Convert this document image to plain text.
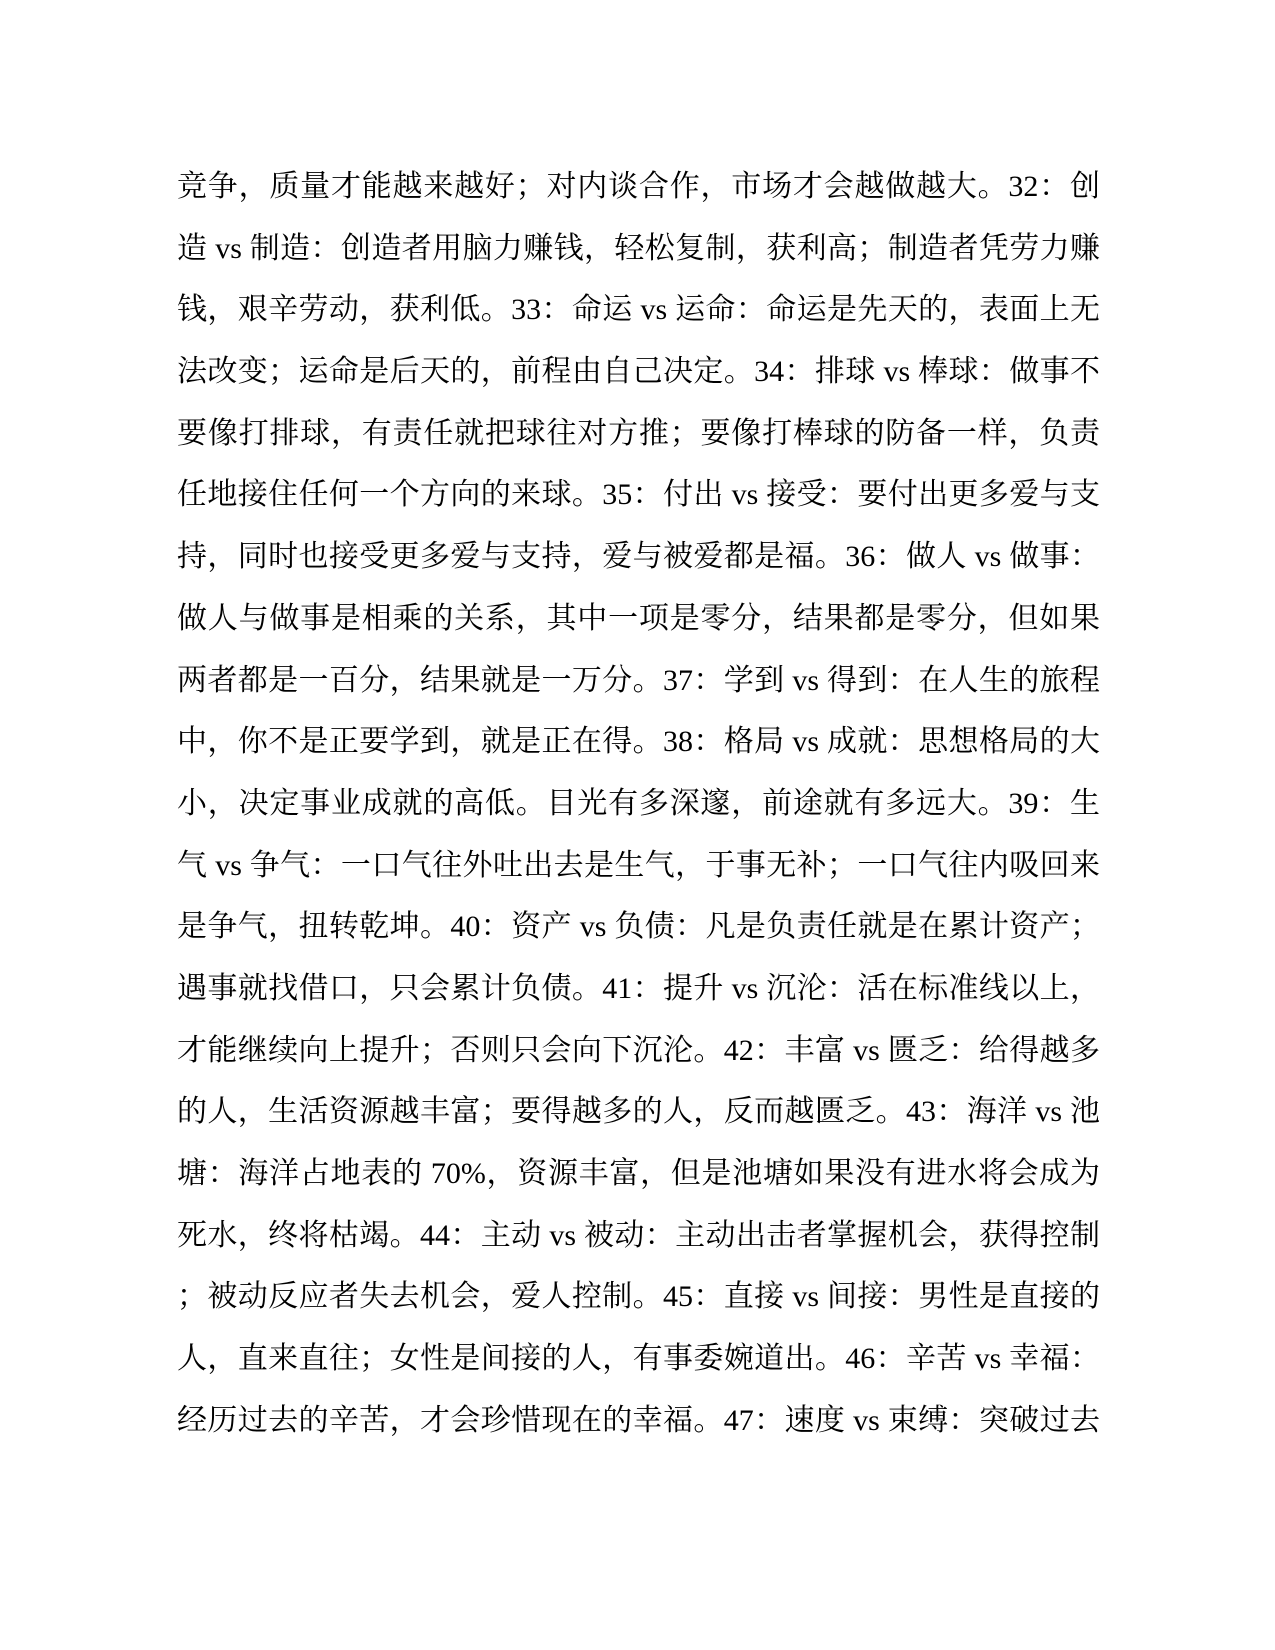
竞争，质量才能越来越好；对内谈合作，市场才会越做越大。32：创
造 vs 制造：创造者用脑力赚钱，轻松复制，获利高；制造者凭劳力赚
钱，艰辛劳动，获利低。33：命运 vs 运命：命运是先天的，表面上无
法改变；运命是后天的，前程由自己决定。34：排球 vs 棒球：做事不
要像打排球，有责任就把球往对方推；要像打棒球的防备一样，负责
任地接住任何一个方向的来球。35：付出 vs 接受：要付出更多爱与支
持，同时也接受更多爱与支持，爱与被爱都是福。36：做人 vs 做事：
做人与做事是相乘的关系，其中一项是零分，结果都是零分，但如果
两者都是一百分，结果就是一万分。37：学到 vs 得到：在人生的旅程
中，你不是正要学到，就是正在得。38：格局 vs 成就：思想格局的大
小，决定事业成就的高低。目光有多深邃，前途就有多远大。39：生
气 vs 争气：一口气往外吐出去是生气，于事无补；一口气往内吸回来
是争气，扭转乾坤。40：资产 vs 负债：凡是负责任就是在累计资产；
遇事就找借口，只会累计负债。41：提升 vs 沉沦：活在标准线以上，
才能继续向上提升；否则只会向下沉沦。42：丰富 vs 匮乏：给得越多
的人，生活资源越丰富；要得越多的人，反而越匮乏。43：海洋 vs 池
塘：海洋占地表的 70%，资源丰富，但是池塘如果没有进水将会成为
死水，终将枯竭。44：主动 vs 被动：主动出击者掌握机会，获得控制
；被动反应者失去机会，爱人控制。45：直接 vs 间接：男性是直接的
人，直来直往；女性是间接的人，有事委婉道出。46：辛苦 vs 幸福：
经历过去的辛苦，才会珍惜现在的幸福。47：速度 vs 束缚：突破过去
